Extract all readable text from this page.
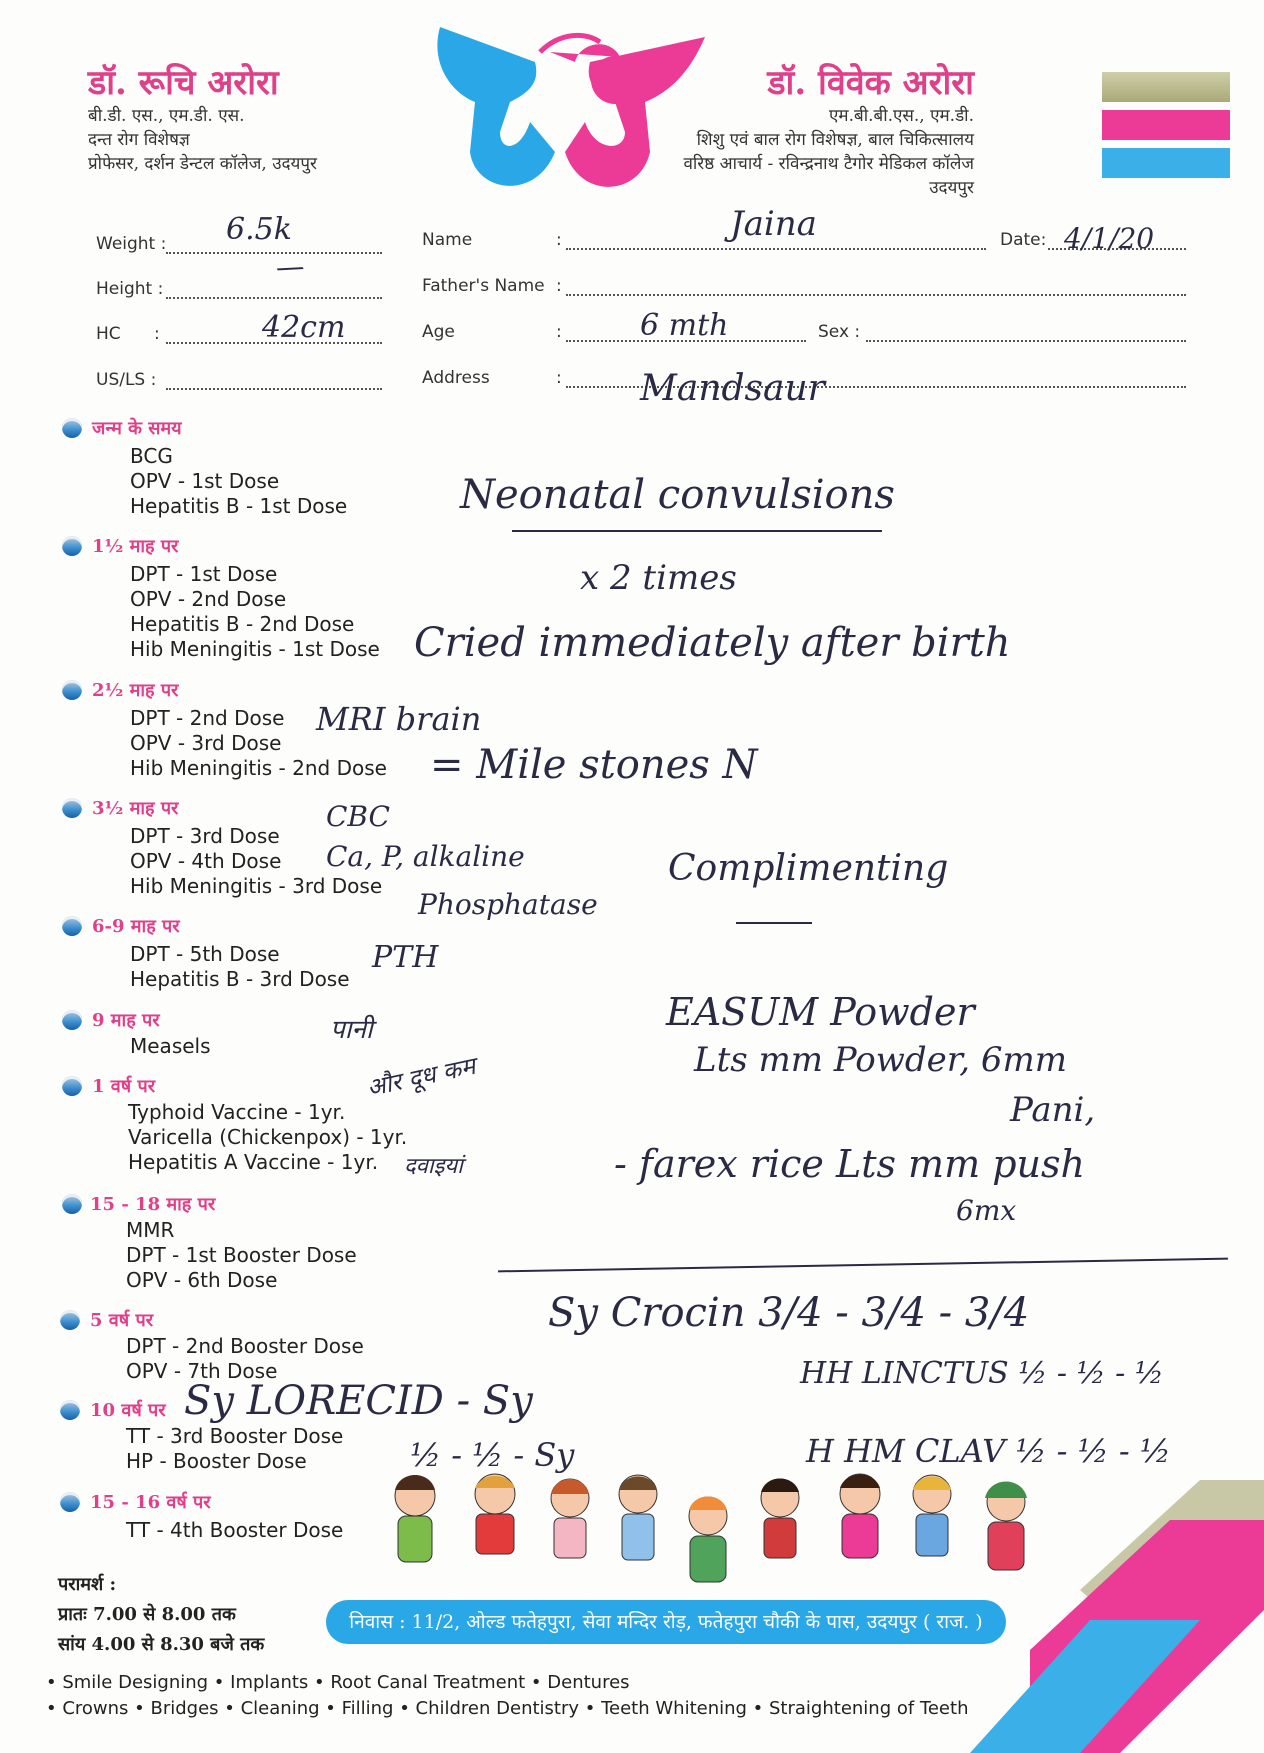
डॉ. रूचि अरोरा
बी.डी. एस., एम.डी. एस.
दन्त रोग विशेषज्ञ
प्रोफेसर, दर्शन डेन्टल कॉलेज, उदयपुर
डॉ. विवेक अरोरा
एम.बी.बी.एस., एम.डी.
शिशु एवं बाल रोग विशेषज्ञ, बाल चिकित्सालय
वरिष्ठ आचार्य - रविन्द्रनाथ टैगोर मेडिकल कॉलेज
उदयपुर
Weight : 6.5k
Height :
/
HC :	42cm
US/LS :
Name	:	Jaina	Date: 4/1/20
Father's Name :
Age	:	6 mth	Sex :
Address	: Mandsaur
जन्म के समय
BCG
OPV - 1st Dose
Hepatitis B - 1st Dose
1½ माह पर
DPT - 1st Dose
OPV - 2nd Dose
Hepatitis B - 2nd Dose
Hib Meningitis - 1st Dose
2½ माह पर
DPT - 2nd Dose
OPV - 3rd Dose
Hib Meningitis - 2nd Dose
3½ माह पर
DPT - 3rd Dose
OPV - 4th Dose
Hib Meningitis - 3rd Dose
6-9 माह पर
DPT - 5th Dose
Hepatitis B - 3rd Dose
9 माह पर
Measels
1 वर्ष पर
Typhoid Vaccine - 1yr.
Varicella (Chickenpox) - 1yr.
Hepatitis A Vaccine - 1yr.
15 - 18 माह पर
MMR
DPT - 1st Booster Dose
OPV - 6th Dose
5 वर्ष पर
DPT - 2nd Booster Dose
OPV - 7th Dose
10 वर्ष पर
TT - 3rd Booster Dose
HP - Booster Dose
15 - 16 वर्ष पर
TT - 4th Booster Dose
Neonatal convulsions
x 2 times
Cried immediately after birth
MRI brain
= Mile stones N
CBC
Ca, P, alkaline
Phosphatase
PTH
Complimenting
पानी
और दूध कम
दवाइयां
EASUM Powder
Lts mm Powder, 6mm
Pani,
- farex rice Lts mm push
6mx
Sy Crocin 3/4 - 3/4 - 3/4
HH LINCTUS ½ - ½ - ½
H HM CLAV ½ - ½ - ½
Sy LORECID - Sy
½ - ½ - Sy
परामर्श :
प्रातः 7.00 से 8.00 तक
सांय 4.00 से 8.30 बजे तक
निवास : 11/2, ओल्ड फतेहपुरा, सेवा मन्दिर रोड़, फतेहपुरा चौकी के पास, उदयपुर ( राज. )
• Smile Designing • Implants • Root Canal Treatment • Dentures
• Crowns • Bridges • Cleaning • Filling • Children Dentistry • Teeth Whitening • Straightening of Teeth
